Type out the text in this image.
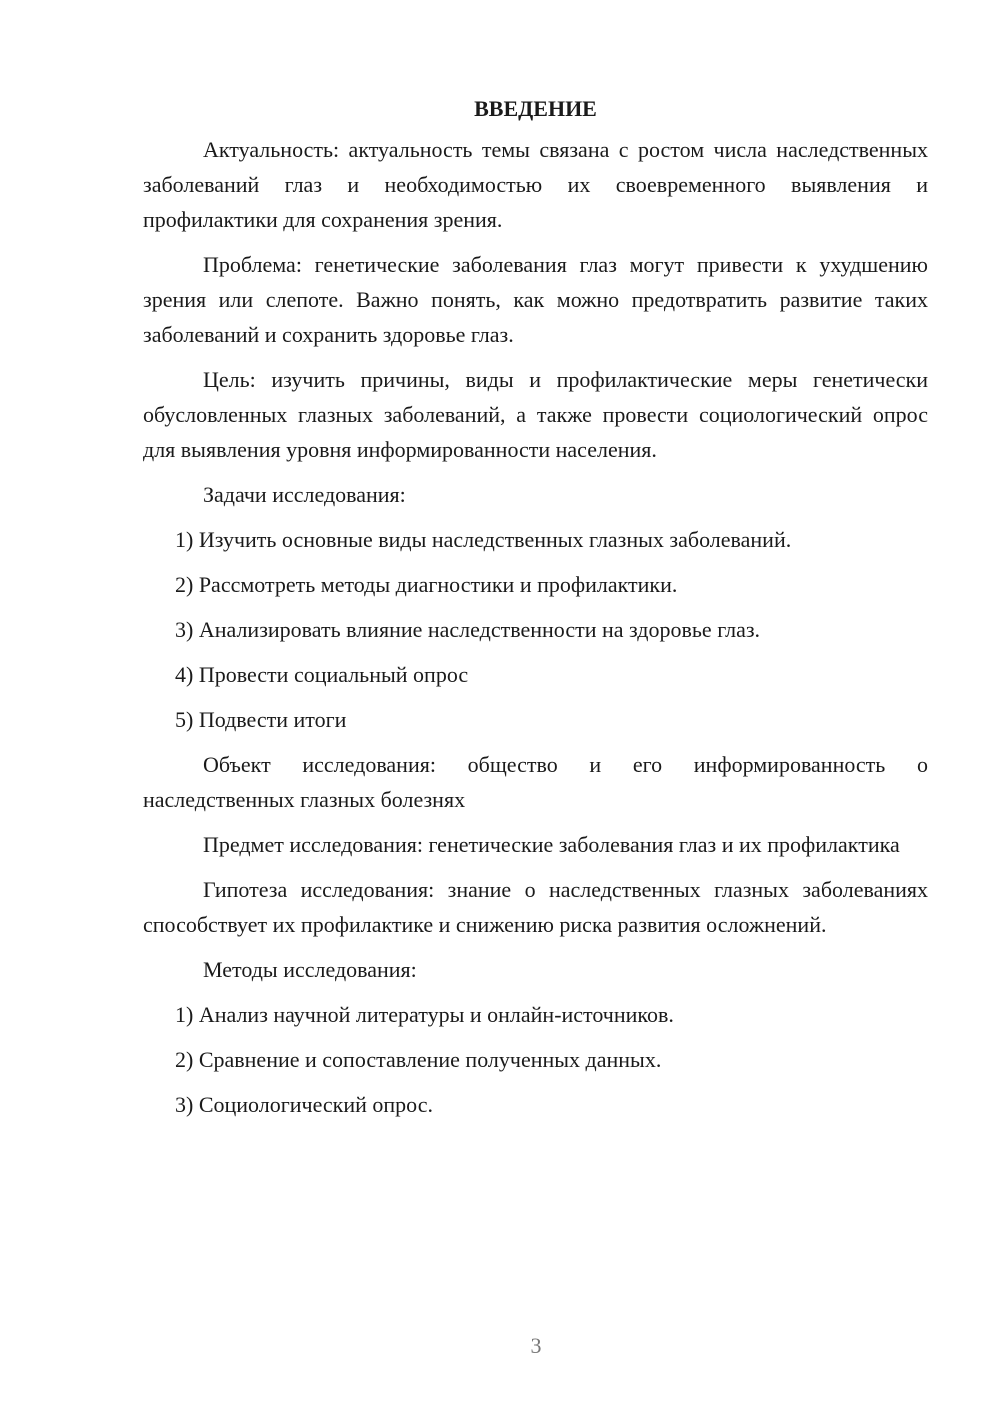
ВВЕДЕНИЕ

Актуальность: актуальность темы связана с ростом числа наследственных заболеваний глаз и необходимостью их своевременного выявления и профилактики для сохранения зрения.

Проблема: генетические заболевания глаз могут привести к ухудшению зрения или слепоте. Важно понять, как можно предотвратить развитие таких заболеваний и сохранить здоровье глаз.

Цель: изучить причины, виды и профилактические меры генетически обусловленных глазных заболеваний, а также провести социологический опрос для выявления уровня информированности населения.

Задачи исследования:

1) Изучить основные виды наследственных глазных заболеваний.
2) Рассмотреть методы диагностики и профилактики.
3) Анализировать влияние наследственности на здоровье глаз.
4) Провести социальный опрос
5) Подвести итоги

Объект исследования: общество и его информированность о наследственных глазных болезнях

Предмет исследования: генетические заболевания глаз и их профилактика

Гипотеза исследования: знание о наследственных глазных заболеваниях способствует их профилактике и снижению риска развития осложнений.

Методы исследования:

1) Анализ научной литературы и онлайн-источников.
2) Сравнение и сопоставление полученных данных.
3) Социологический опрос.
3
